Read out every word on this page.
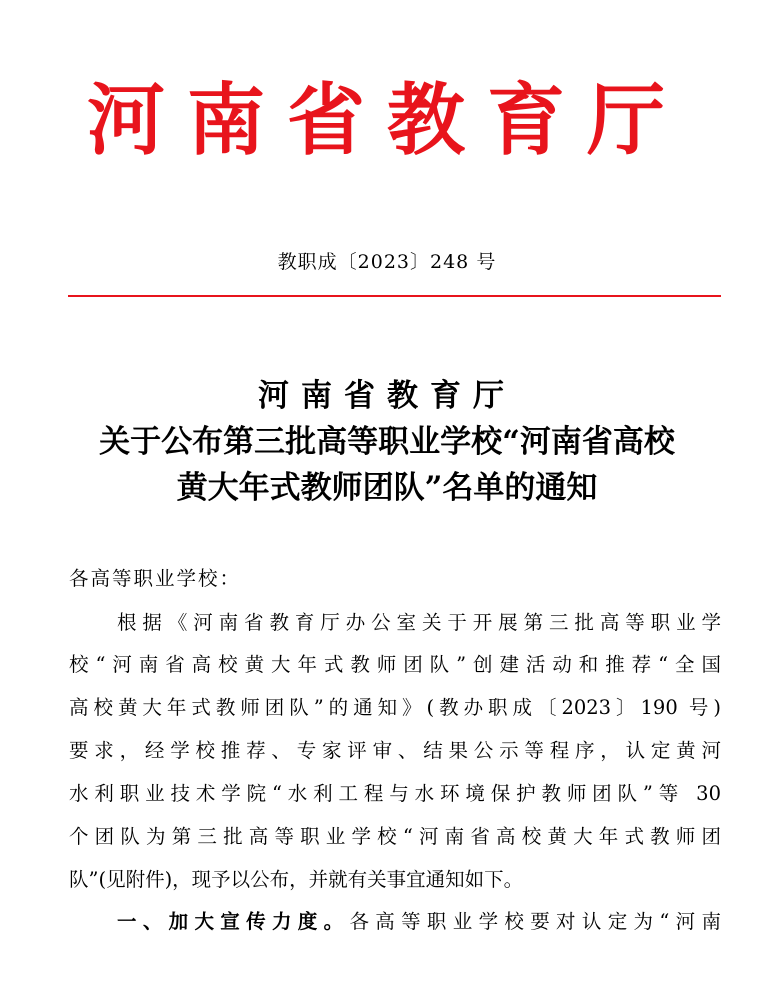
河南省教育厅
教职成〔2023〕248 号
河南省教育厅
关于公布第三批高等职业学校“河南省高校
黄大年式教师团队”名单的通知
各高等职业学校：
根据《河南省教育厅办公室关于开展第三批高等职业学
校“河南省高校黄大年式教师团队”创建活动和推荐“全国
高校黄大年式教师团队”的通知》(教办职成〔2023〕190 号)
要求，经学校推荐、专家评审、结果公示等程序，认定黄河
水利职业技术学院“水利工程与水环境保护教师团队”等 30
个团队为第三批高等职业学校“河南省高校黄大年式教师团
队”(见附件)，现予以公布，并就有关事宜通知如下。
一、加大宣传力度。各高等职业学校要对认定为“河南
